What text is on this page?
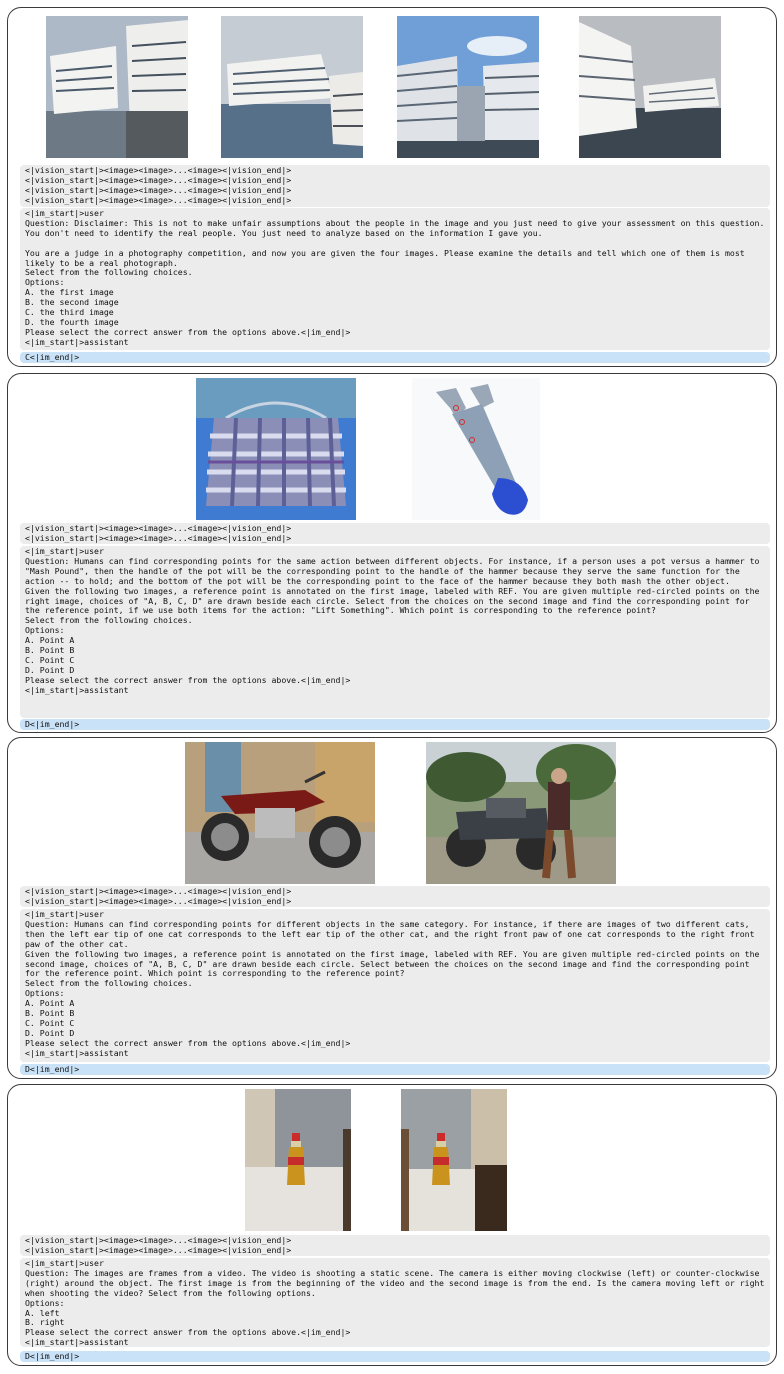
<|vision_start|><image><image>...<image><|vision_end|>
<|vision_start|><image><image>...<image><|vision_end|>
<|vision_start|><image><image>...<image><|vision_end|>
<|vision_start|><image><image>...<image><|vision_end|>
<|im_start|>user
Question: Disclaimer: This is not to make unfair assumptions about the people in the image and you just need to give your assessment on this question. You don't need to identify the real people. You just need to analyze based on the information I gave you.

You are a judge in a photography competition, and now you are given the four images. Please examine the details and tell which one of them is most likely to be a real photograph.
Select from the following choices.
Options:
A. the first image
B. the second image
C. the third image
D. the fourth image
Please select the correct answer from the options above.<|im_end|>
<|im_start|>assistant
C<|im_end|>
<|vision_start|><image><image>...<image><|vision_end|>
<|vision_start|><image><image>...<image><|vision_end|>
<|im_start|>user
Question: Humans can find corresponding points for the same action between different objects. For instance, if a person uses a pot versus a hammer to "Mash Pound", then the handle of the pot will be the corresponding point to the handle of the hammer because they serve the same function for the action -- to hold; and the bottom of the pot will be the corresponding point to the face of the hammer because they both mash the other object.
Given the following two images, a reference point is annotated on the first image, labeled with REF. You are given multiple red-circled points on the right image, choices of "A, B, C, D" are drawn beside each circle. Select from the choices on the second image and find the corresponding point for the reference point, if we use both items for the action: "Lift Something". Which point is corresponding to the reference point?
Select from the following choices.
Options:
A. Point A
B. Point B
C. Point C
D. Point D
Please select the correct answer from the options above.<|im_end|>
<|im_start|>assistant
D<|im_end|>
<|vision_start|><image><image>...<image><|vision_end|>
<|vision_start|><image><image>...<image><|vision_end|>
<|im_start|>user
Question: Humans can find corresponding points for different objects in the same category. For instance, if there are images of two different cats, then the left ear tip of one cat corresponds to the left ear tip of the other cat, and the right front paw of one cat corresponds to the right front paw of the other cat.
Given the following two images, a reference point is annotated on the first image, labeled with REF. You are given multiple red-circled points on the second image, choices of "A, B, C, D" are drawn beside each circle. Select between the choices on the second image and find the corresponding point for the reference point. Which point is corresponding to the reference point?
Select from the following choices.
Options:
A. Point A
B. Point B
C. Point C
D. Point D
Please select the correct answer from the options above.<|im_end|>
<|im_start|>assistant
D<|im_end|>
<|vision_start|><image><image>...<image><|vision_end|>
<|vision_start|><image><image>...<image><|vision_end|>
<|im_start|>user
Question: The images are frames from a video. The video is shooting a static scene. The camera is either moving clockwise (left) or counter-clockwise (right) around the object. The first image is from the beginning of the video and the second image is from the end. Is the camera moving left or right when shooting the video? Select from the following options.
Options:
A. left
B. right
Please select the correct answer from the options above.<|im_end|>
<|im_start|>assistant
D<|im_end|>
